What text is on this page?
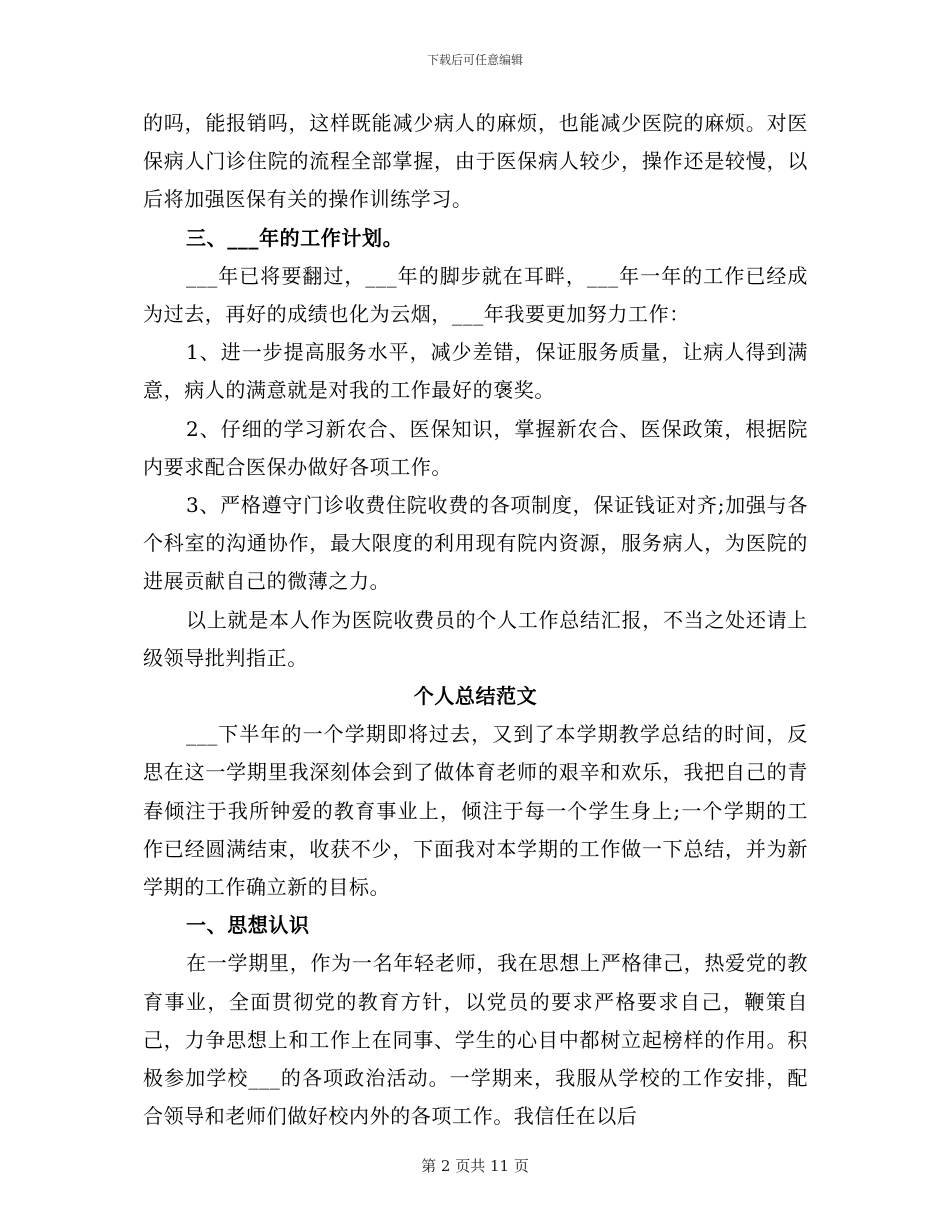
下载后可任意编辑

的吗，能报销吗，这样既能减少病人的麻烦，也能减少医院的麻烦。对医保病人门诊住院的流程全部掌握，由于医保病人较少，操作还是较慢，以后将加强医保有关的操作训练学习。

三、___年的工作计划。

___年已将要翻过，___年的脚步就在耳畔，___年一年的工作已经成为过去，再好的成绩也化为云烟，___年我要更加努力工作：

1、进一步提高服务水平，减少差错，保证服务质量，让病人得到满意，病人的满意就是对我的工作最好的褒奖。

2、仔细的学习新农合、医保知识，掌握新农合、医保政策，根据院内要求配合医保办做好各项工作。

3、严格遵守门诊收费住院收费的各项制度，保证钱证对齐;加强与各个科室的沟通协作，最大限度的利用现有院内资源，服务病人，为医院的进展贡献自己的微薄之力。

以上就是本人作为医院收费员的个人工作总结汇报，不当之处还请上级领导批判指正。

个人总结范文

___下半年的一个学期即将过去，又到了本学期教学总结的时间，反思在这一学期里我深刻体会到了做体育老师的艰辛和欢乐，我把自己的青春倾注于我所钟爱的教育事业上，倾注于每一个学生身上;一个学期的工作已经圆满结束，收获不少，下面我对本学期的工作做一下总结，并为新学期的工作确立新的目标。

一、思想认识

在一学期里，作为一名年轻老师，我在思想上严格律己，热爱党的教育事业，全面贯彻党的教育方针，以党员的要求严格要求自己，鞭策自己，力争思想上和工作上在同事、学生的心目中都树立起榜样的作用。积极参加学校___的各项政治活动。一学期来，我服从学校的工作安排，配合领导和老师们做好校内外的各项工作。我信任在以后

第 2 页共 11 页
